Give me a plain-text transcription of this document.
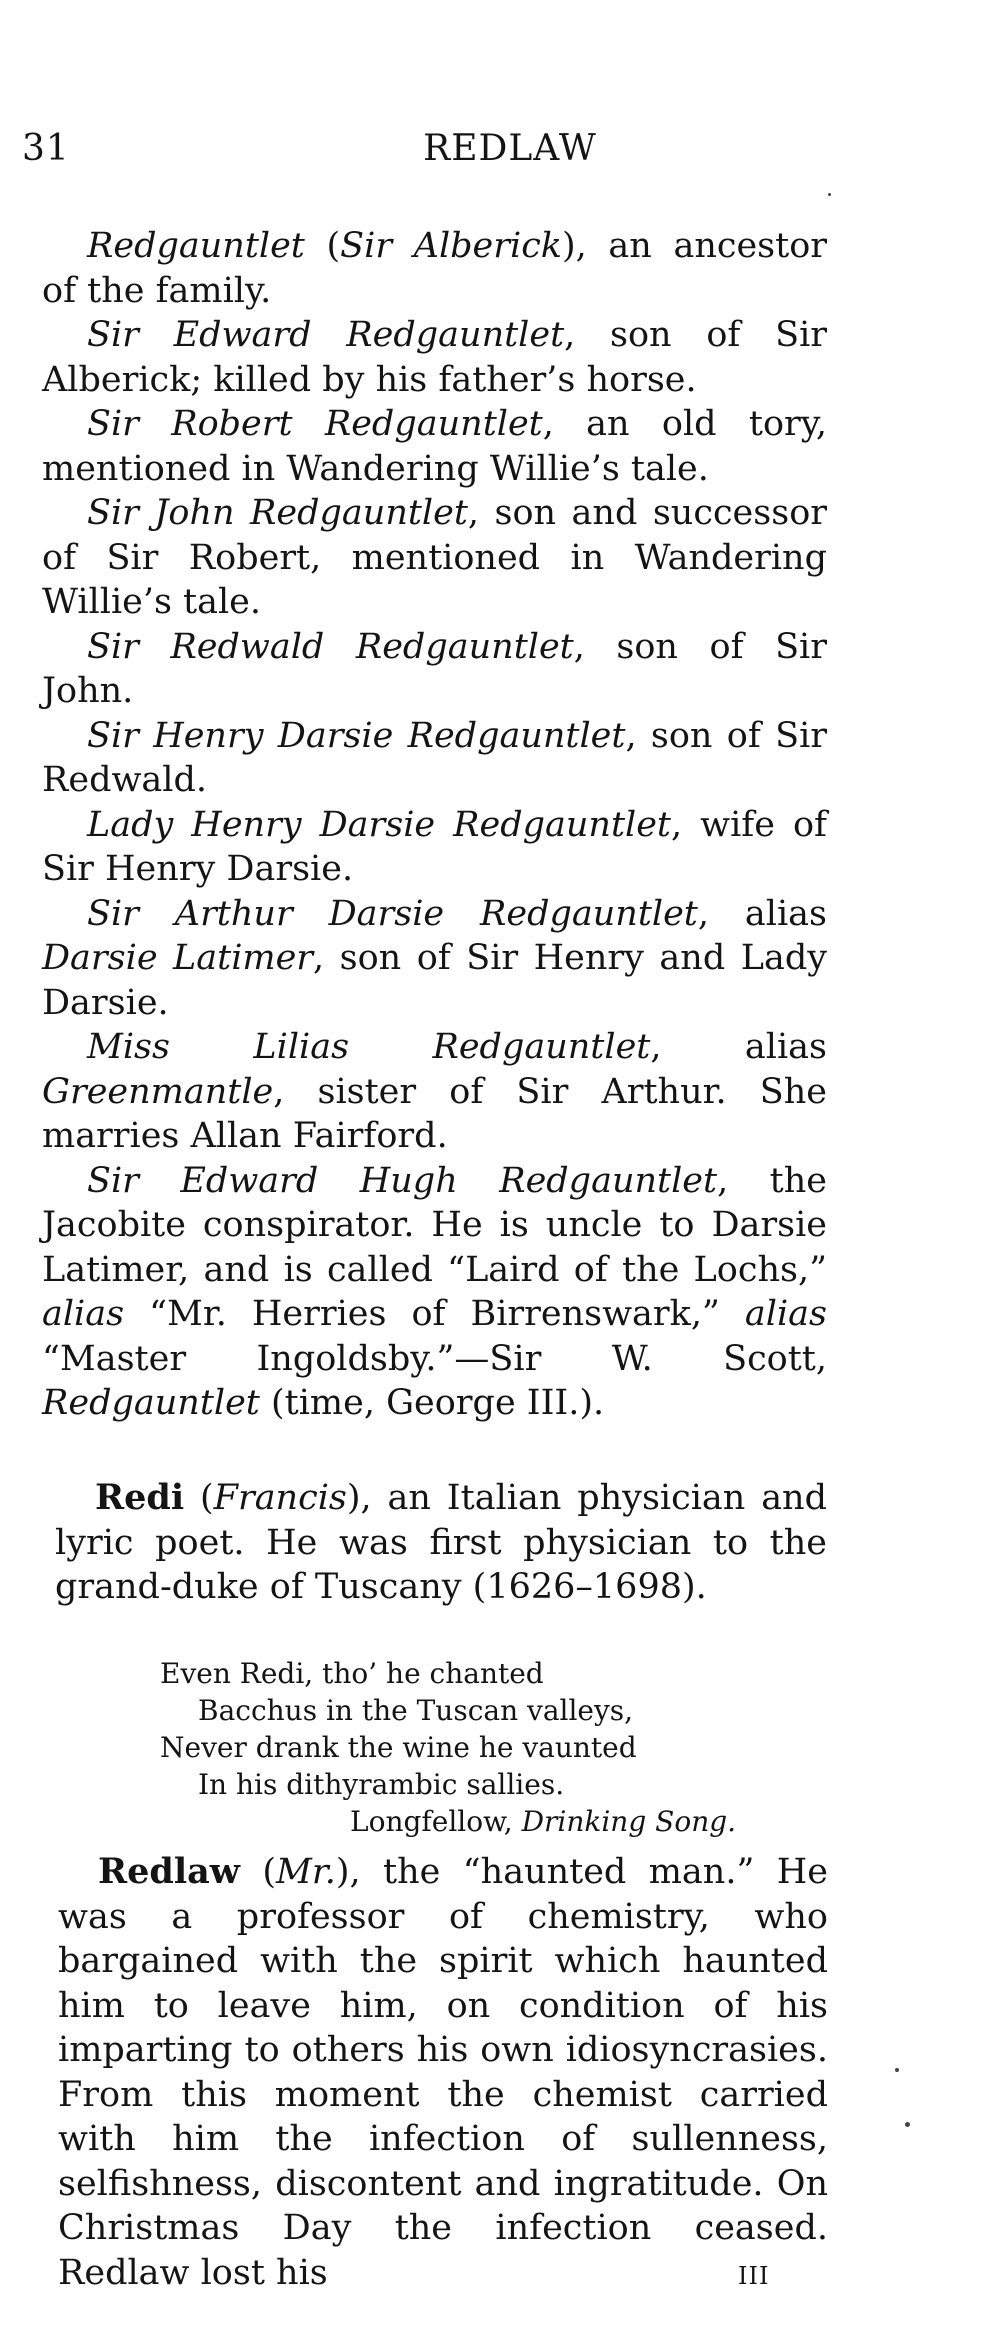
31	REDLAW

Redgauntlet (Sir Alberick), an ancestor of the family.

Sir Edward Redgauntlet, son of Sir Alberick; killed by his father’s horse.

Sir Robert Redgauntlet, an old tory, mentioned in Wandering Willie’s tale.

Sir John Redgauntlet, son and successor of Sir Robert, mentioned in Wandering Willie’s tale.

Sir Redwald Redgauntlet, son of Sir John.

Sir Henry Darsie Redgauntlet, son of Sir Redwald.

Lady Henry Darsie Redgauntlet, wife of Sir Henry Darsie.

Sir Arthur Darsie Redgauntlet, alias Darsie Latimer, son of Sir Henry and Lady Darsie.

Miss Lilias Redgauntlet, alias Greenmantle, sister of Sir Arthur. She marries Allan Fairford.

Sir Edward Hugh Redgauntlet, the Jacobite conspirator. He is uncle to Darsie Latimer, and is called “Laird of the Lochs,” alias “Mr. Herries of Birrenswark,” alias “Master Ingoldsby.”—Sir W. Scott, Redgauntlet (time, George III.).

Redi (Francis), an Italian physician and lyric poet. He was first physician to the grand-duke of Tuscany (1626–1698).

Even Redi, tho’ he chanted
Bacchus in the Tuscan valleys,
Never drank the wine he vaunted
In his dithyrambic sallies.
Longfellow, Drinking Song.

Redlaw (Mr.), the “haunted man.” He was a professor of chemistry, who bargained with the spirit which haunted him to leave him, on condition of his imparting to others his own idiosyncrasies. From this moment the chemist carried with him the infection of sullenness, selfishness, discontent and ingratitude. On Christmas Day the infection ceased. Redlaw lost his	III
